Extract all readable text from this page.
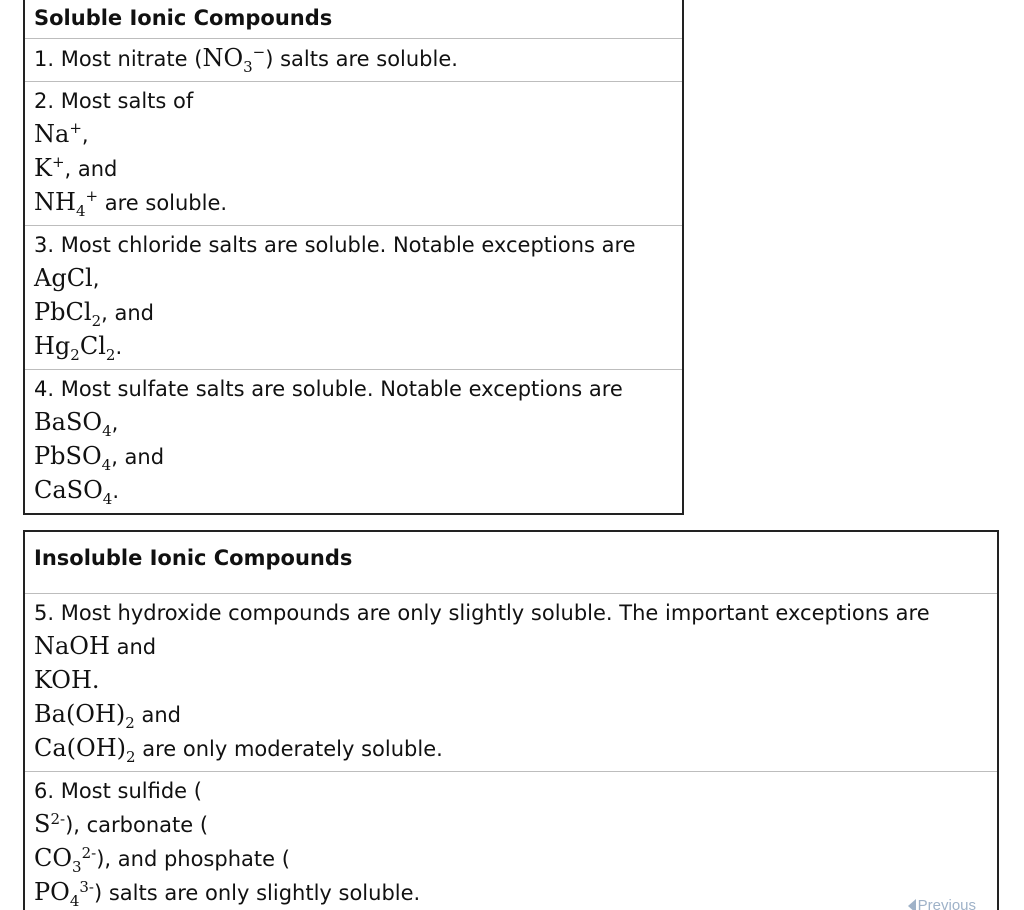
Soluble Ionic Compounds
1. Most nitrate $(NO_3^-)$ salts are soluble.

2. Most salts of
Na+,
K+, and
$NH_4^+$ are soluble.

3. Most chloride salts are soluble. Notable exceptions are
AgCl,
PbCl$_2$, and
$Hg_2Cl_2$.

4. Most sulfate salts are soluble. Notable exceptions are
BaSO$_4$,
PbSO$_4$, and
CaSO$_4$.
Insoluble Ionic Compounds

5. Most hydroxide compounds are only slightly soluble. The important exceptions are
NaOH and
KOH.
$Ba(OH)_2$ and
$Ca(OH)_2$ are only moderately soluble.

6. Most sulfide (
$S^{2-}$), carbonate (
$CO_3^{2-}$), and phosphate (
$PO_4^{3-}$) salts are only slightly soluble.
Previous
